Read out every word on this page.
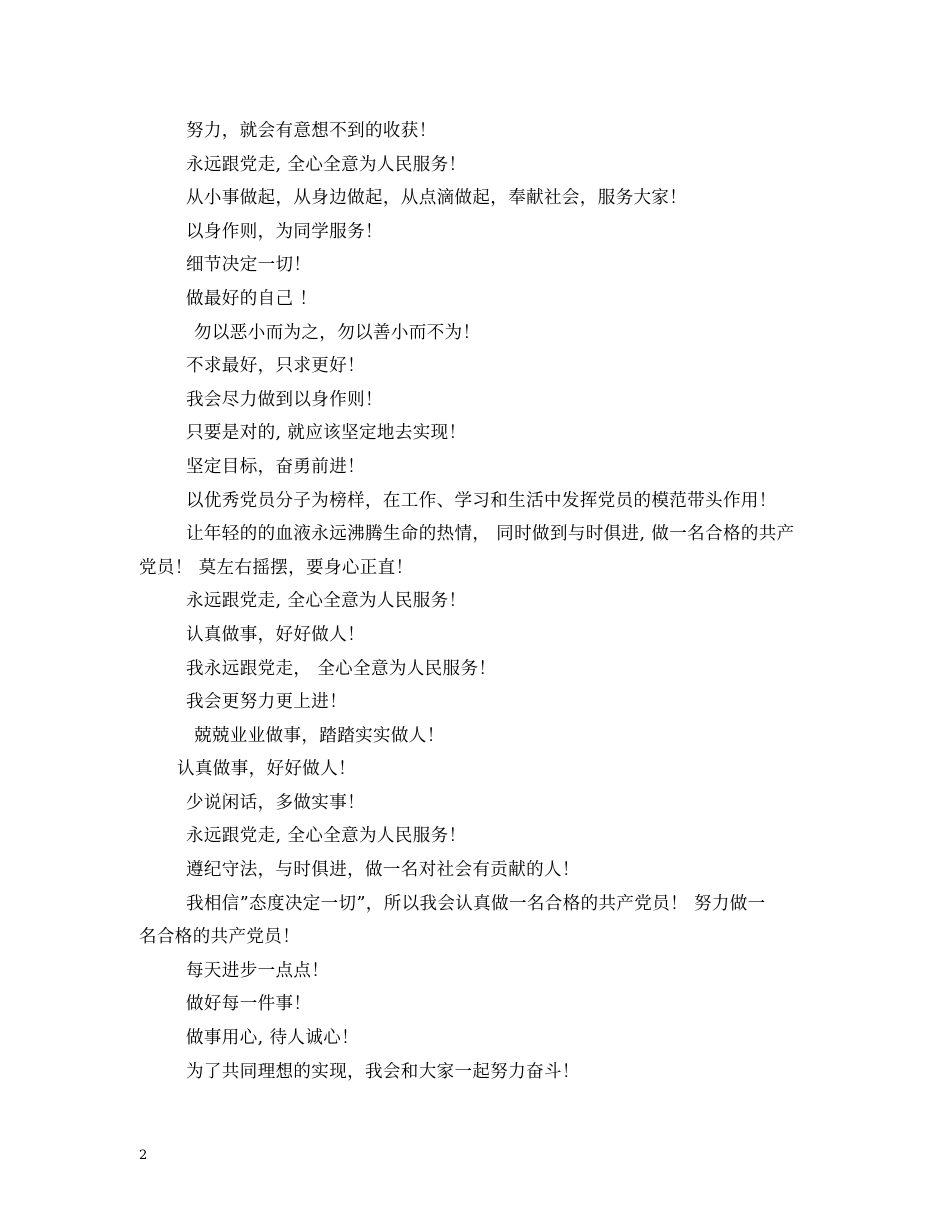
努力，就会有意想不到的收获！
永远跟党走, 全心全意为人民服务！
从小事做起，从身边做起，从点滴做起，奉献社会，服务大家！
以身作则，为同学服务！
细节决定一切！
做最好的自己 ！
勿以恶小而为之，勿以善小而不为！
不求最好，只求更好！
我会尽力做到以身作则！
只要是对的, 就应该坚定地去实现！
坚定目标，奋勇前进！
以优秀党员分子为榜样，在工作、学习和生活中发挥党员的模范带头作用！
让年轻的的血液永远沸腾生命的热情， 同时做到与时俱进, 做一名合格的共产
党员！ 莫左右摇摆，要身心正直！
永远跟党走, 全心全意为人民服务！
认真做事，好好做人！
我永远跟党走， 全心全意为人民服务！
我会更努力更上进！
兢兢业业做事，踏踏实实做人！
认真做事，好好做人！
少说闲话，多做实事！
永远跟党走, 全心全意为人民服务！
遵纪守法，与时俱进，做一名对社会有贡献的人！
我相信”态度决定一切”，所以我会认真做一名合格的共产党员！ 努力做一
名合格的共产党员！
每天进步一点点！
做好每一件事！
做事用心, 待人诚心！
为了共同理想的实现，我会和大家一起努力奋斗！
2
